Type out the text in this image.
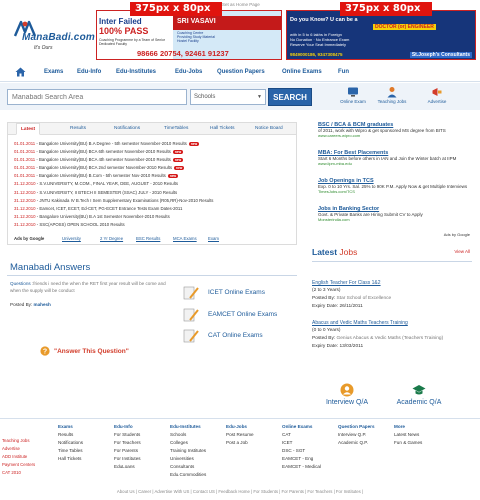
Set as Home Page
ManaBadi.com
It's Ours
Inter Failed
100% PASS
Coaching Programme by a Team of Senior Dedicated Faculty
SRI VASAVI
Coaching Centre
Providing Study Material
Hostel Facility
98666 20754, 92461 91237
Do you Know? U can be a
DOCTOR (or) ENGINEER
with in 5 to 6 lakhs in Foreign
No Donation · No Entrance Exam
Reserve Your Seat Immediately
9849000186, 9347308475	St.Joseph's Consultants
375px x 80px	375px x 80px
Exams Edu-Info Edu-Institutes	Edu-Jobs Question Papers	Online Exams	Fun
Manabadi Search Area
Schools	▼	SEARCH	Online Exam	Teaching Jobs	Advertise
Latest	Results	Notifications	TimeTables	Hall Tickets	Notice Board
01.01.2011 - Bangalore University(BU) B.A Degree - 5th semester November-2010 Results new
01.01.2011 - Bangalore University(BU) BCA 6th semester November-2010 Results new
01.01.2011 - Bangalore University(BU) BCA 4th semester November-2010 Results new
01.01.2011 - Bangalore University(BU) BCA 2nd semester November-2010 Results new
01.01.2011 - Bangalore University(BU) B.Com - 5th semester Nov-2010 Results new
31.12.2010 - S.V.UNIVERSITY, M.COM., FINAL YEAR, DEE, AUGUST - 2010 Results
31.12.2010 - S.V.UNIVERSITY, II BTECH II SEMESTER (SSAC) JULY - 2010 Results
31.12.2010 - JNTU Kakinada IV B.Tech I Sem Supplementary Examinations (R05,RR)-Nov-2010 Results
31.12.2010 - Eamcet, ICET, ECET, Ed-CET, PG-ECET Entrance Tests Exam Dates-2011
31.12.2010 - Bangalore University(BU) B.A 1st Semester November-2010 Results
31.12.2010 - SSC(APOSS) OPEN SCHOOL 2010 Results
Ads by Google	University	2 Yr Degree	BSC Results	MCA Exams	Exam
BSC / BCA & BCM graduates
of 2011, work with Wipro & get sponsored MS degree from BITS
www.careers.wipro.com
MBA: For Best Placements
Start 6 Months before others in IAN and Join the Winter batch at IIPM
www.iipm-mba.edu
Job Openings in TCS
Exp. 0 to 10 Yrs. Sal. 25% to 90K P.M. Apply Now & get Multiple Interviews
TimesJobs.com/TCS
Jobs in Banking Sector
Govt. & Private Banks are Hiring Submit CV to Apply
Monsterindia.com
Ads by Google
Manabadi Answers
Questions :friends i need the when the RET first year result will be come and when the supply will be conduct
Posted By: mahesh
? "Answer This Question"
ICET Online Exams
EAMCET Online Exams
CAT Online Exams
Latest Jobs	View All
English Teacher For Class 1&2
(2 to 3 Years)
Posted By: Star School of Excellence
Expiry Date: 26/11/2011
Abacus and Vedic Maths Teachers Training
(0 to 0 Years)
Posted By: Genius Abacus & Vedic Maths (Teachers Training)
Expiry Date: 13/03/2011
Interview Q/A	Academic Q/A
Teaching Jobs
Advertise
ADD Institute
Payment Centers
CAT 2010
Exams
Results
Notifications
Time Tables
Hall Tickets
Edu-Info
For Students
For Teachers
For Parents
For Institutes
EduLoans
Edu-Institutes
Schools
Colleges
Training Institutes
Universities
Consultants
Edu.Commodities
Edu-Jobs
Post Resume
Post a Job
Online Exams
CAT
ICET
DSC - SGT
EAMCET - Eng
EAMCET - Medical
Question Papers
Interview Q.P.
Academic Q.P.
More
Latest News
Fun & Games
About Us | Career | Advertise With US | Contact US | Feedback Home | For Students | For Parents | For Teachers | For Institutes |
